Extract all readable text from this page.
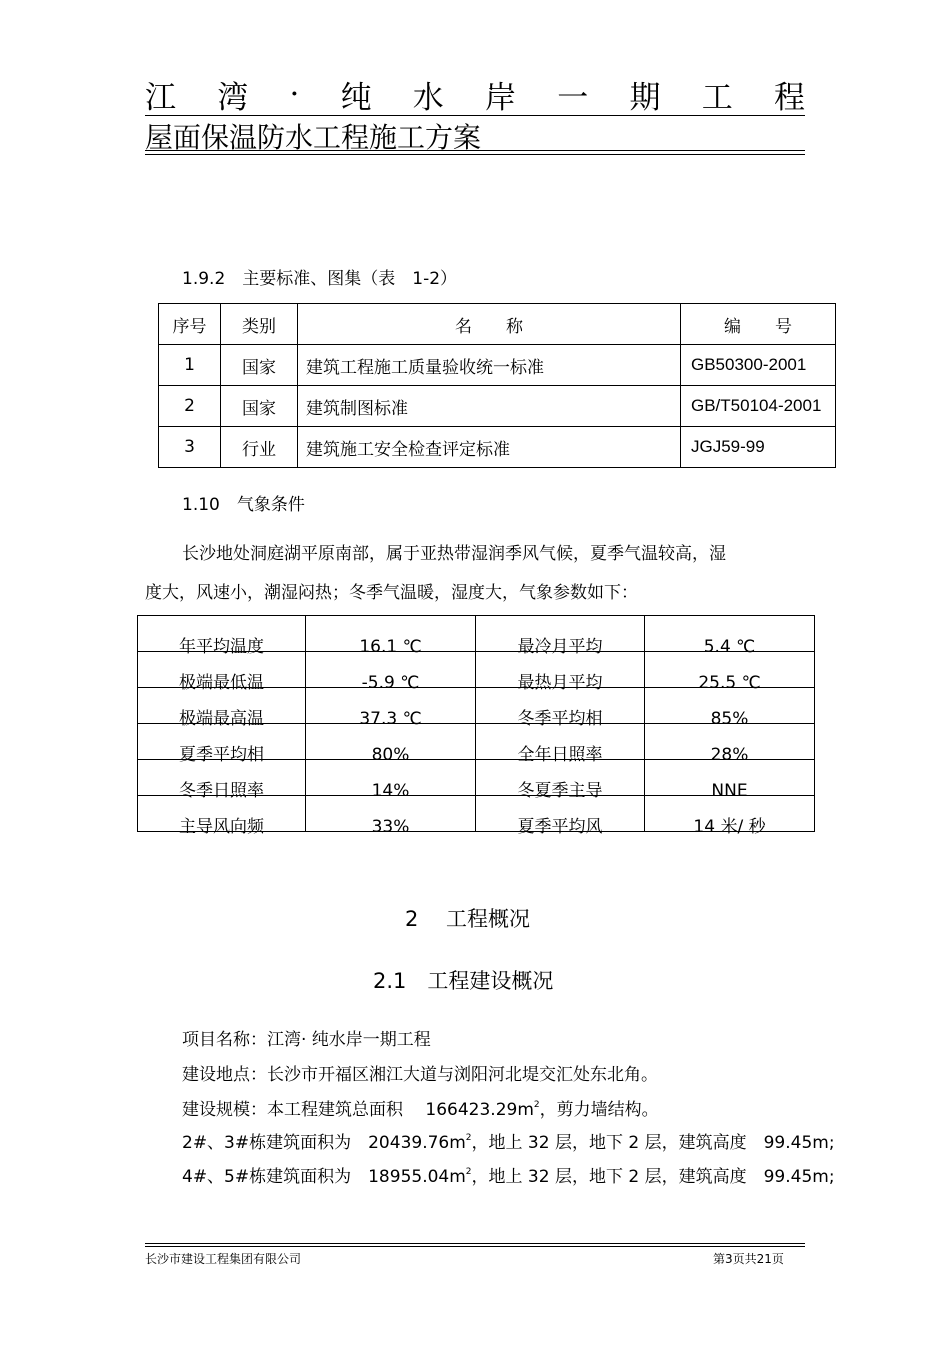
江 湾 · 纯 水 岸 一 期 工 程
屋面保温防水工程施工方案
1.9.2　主要标准、图集（表　1-2）
序号	类别	名　　称	编　　号
1	国家	建筑工程施工质量验收统一标准	GB50300-2001
2	国家	建筑制图标准	GB/T50104-2001
3	行业	建筑施工安全检查评定标准	JGJ59-99
1.10　气象条件
长沙地处洞庭湖平原南部，属于亚热带湿润季风气候，夏季气温较高，湿
度大，风速小，潮湿闷热；冬季气温暖，湿度大，气象参数如下：
年平均温度	16.1 ℃	最冷月平均	5.4 ℃
极端最低温	-5.9 ℃	最热月平均	25.5 ℃
极端最高温	37.3 ℃	冬季平均相	85%
夏季平均相	80%	全年日照率	28%
冬季日照率	14%	冬夏季主导	NNE
主导风向频	33%	夏季平均风	14 米/ 秒
2　 工程概况
2.1　工程建设概况
项目名称：江湾· 纯水岸一期工程
建设地点：长沙市开福区湘江大道与浏阳河北堤交汇处东北角。
建设规模：本工程建筑总面积　 $166423.29m^2$，剪力墙结构。
2#、3#栋建筑面积为　$20439.76m^2$，地上 32 层，地下 2 层，建筑高度　99.45m;
4#、5#栋建筑面积为　$18955.04m^2$，地上 32 层，地下 2 层，建筑高度　99.45m;
长沙市建设工程集团有限公司	第3页共21页
